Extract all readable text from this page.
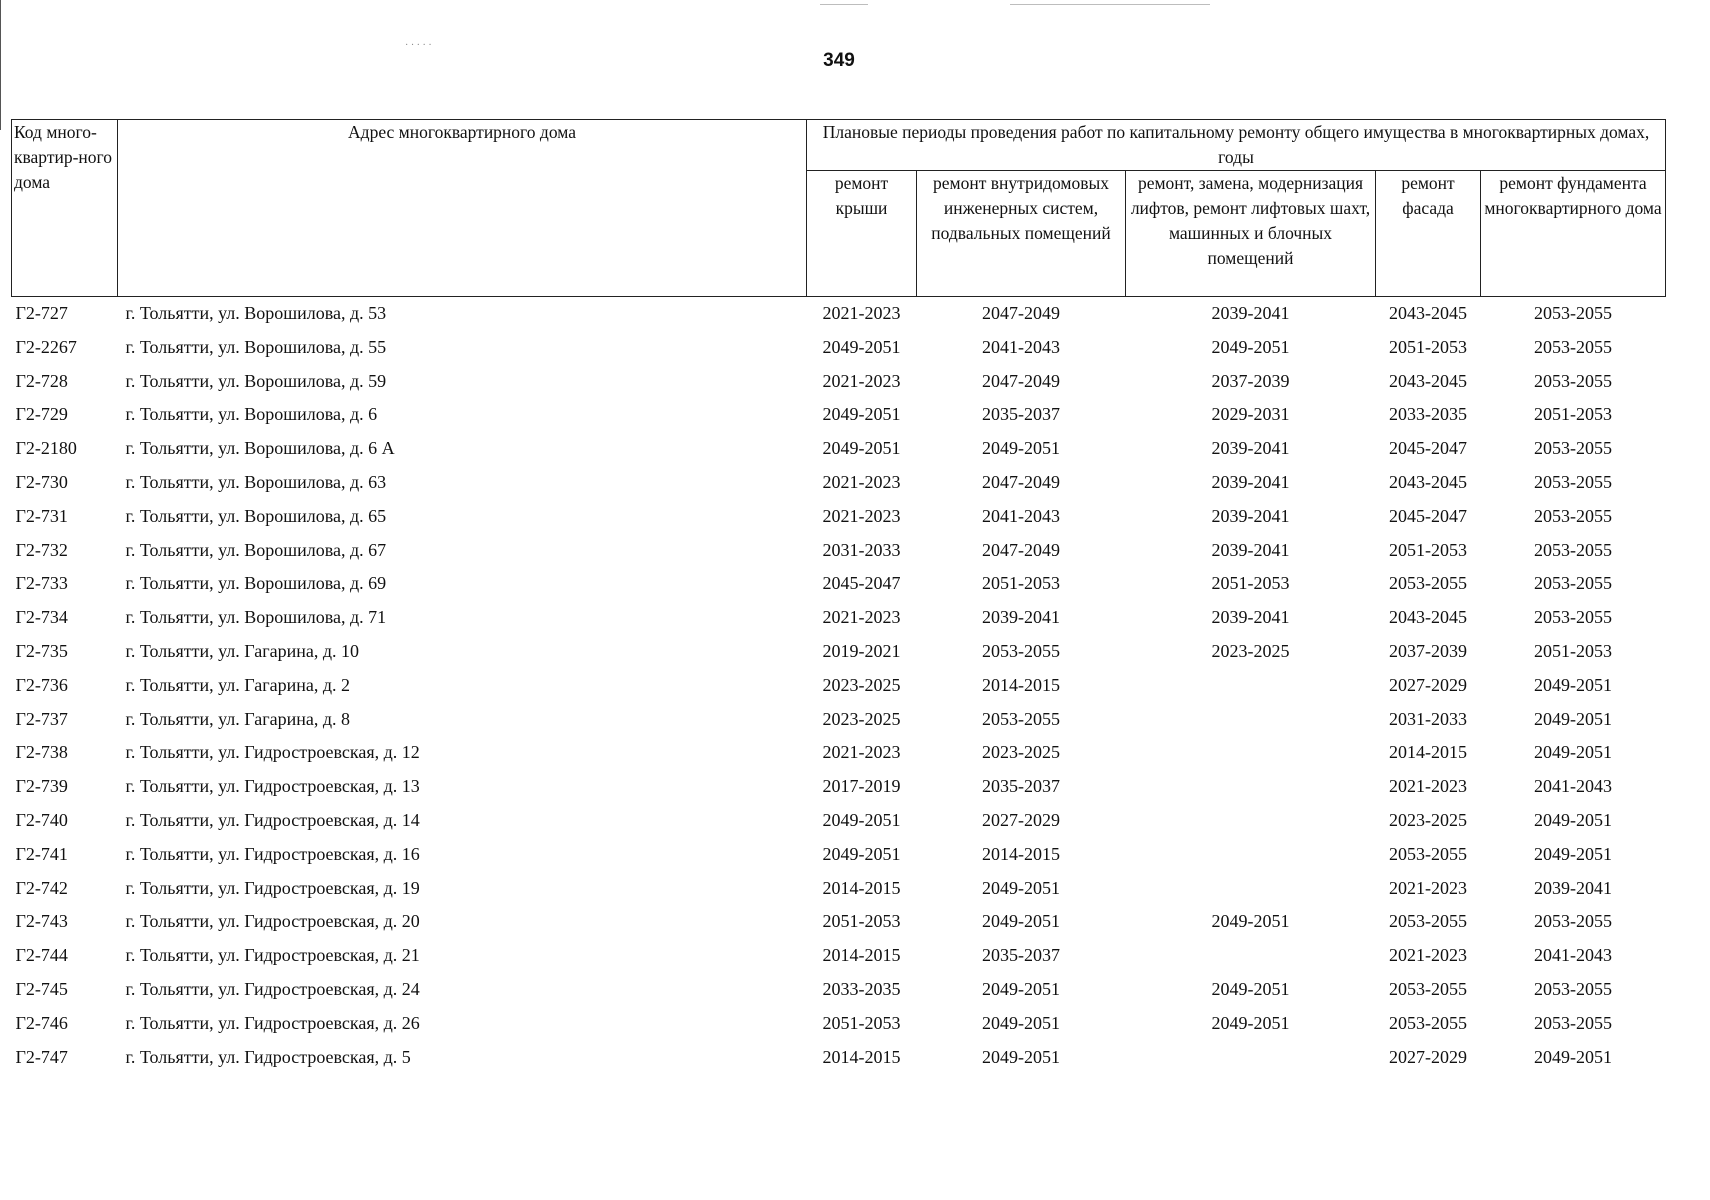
· · · · ·
349
Код много-квартир-ного дома	Адрес многоквартирного дома	Плановые периоды проведения работ по капитальному ремонту общего имущества в многоквартирных домах, годы				
		ремонт крыши	ремонт внутридомовых инженерных систем, подвальных помещений	ремонт, замена, модернизация лифтов, ремонт лифтовых шахт, машинных и блочных помещений	ремонт фасада	ремонт фундамента многоквартирного дома
Г2-727	г. Тольятти, ул. Ворошилова, д. 53	2021-2023	2047-2049	2039-2041	2043-2045	2053-2055
Г2-2267	г. Тольятти, ул. Ворошилова, д. 55	2049-2051	2041-2043	2049-2051	2051-2053	2053-2055
Г2-728	г. Тольятти, ул. Ворошилова, д. 59	2021-2023	2047-2049	2037-2039	2043-2045	2053-2055
Г2-729	г. Тольятти, ул. Ворошилова, д. 6	2049-2051	2035-2037	2029-2031	2033-2035	2051-2053
Г2-2180	г. Тольятти, ул. Ворошилова, д. 6 А	2049-2051	2049-2051	2039-2041	2045-2047	2053-2055
Г2-730	г. Тольятти, ул. Ворошилова, д. 63	2021-2023	2047-2049	2039-2041	2043-2045	2053-2055
Г2-731	г. Тольятти, ул. Ворошилова, д. 65	2021-2023	2041-2043	2039-2041	2045-2047	2053-2055
Г2-732	г. Тольятти, ул. Ворошилова, д. 67	2031-2033	2047-2049	2039-2041	2051-2053	2053-2055
Г2-733	г. Тольятти, ул. Ворошилова, д. 69	2045-2047	2051-2053	2051-2053	2053-2055	2053-2055
Г2-734	г. Тольятти, ул. Ворошилова, д. 71	2021-2023	2039-2041	2039-2041	2043-2045	2053-2055
Г2-735	г. Тольятти, ул. Гагарина, д. 10	2019-2021	2053-2055	2023-2025	2037-2039	2051-2053
Г2-736	г. Тольятти, ул. Гагарина, д. 2	2023-2025	2014-2015		2027-2029	2049-2051
Г2-737	г. Тольятти, ул. Гагарина, д. 8	2023-2025	2053-2055		2031-2033	2049-2051
Г2-738	г. Тольятти, ул. Гидростроевская, д. 12	2021-2023	2023-2025		2014-2015	2049-2051
Г2-739	г. Тольятти, ул. Гидростроевская, д. 13	2017-2019	2035-2037		2021-2023	2041-2043
Г2-740	г. Тольятти, ул. Гидростроевская, д. 14	2049-2051	2027-2029		2023-2025	2049-2051
Г2-741	г. Тольятти, ул. Гидростроевская, д. 16	2049-2051	2014-2015		2053-2055	2049-2051
Г2-742	г. Тольятти, ул. Гидростроевская, д. 19	2014-2015	2049-2051		2021-2023	2039-2041
Г2-743	г. Тольятти, ул. Гидростроевская, д. 20	2051-2053	2049-2051	2049-2051	2053-2055	2053-2055
Г2-744	г. Тольятти, ул. Гидростроевская, д. 21	2014-2015	2035-2037		2021-2023	2041-2043
Г2-745	г. Тольятти, ул. Гидростроевская, д. 24	2033-2035	2049-2051	2049-2051	2053-2055	2053-2055
Г2-746	г. Тольятти, ул. Гидростроевская, д. 26	2051-2053	2049-2051	2049-2051	2053-2055	2053-2055
Г2-747	г. Тольятти, ул. Гидростроевская, д. 5	2014-2015	2049-2051		2027-2029	2049-2051
